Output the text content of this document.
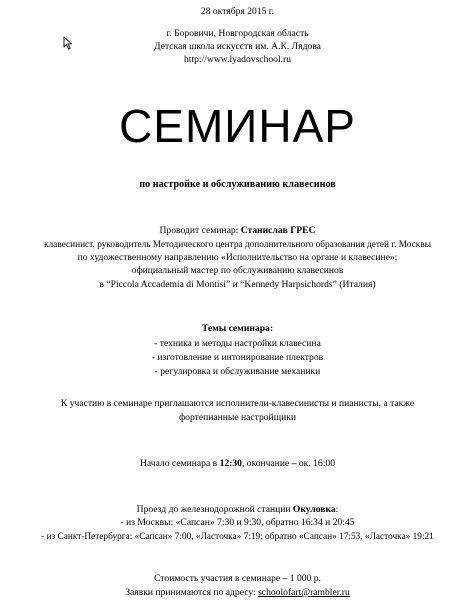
28 октября 2015 г.
г. Боровичи, Новгородская область
Детская школа искусств им. А.К. Лядова
http://www.lyadovschool.ru
СЕМИНАР
по настройке и обслуживанию клавесинов
Проводит семинар: Станислав ГРЕС
клавесинист, руководитель Методического центра дополнительного образования детей г. Москвы
по художественному направлению «Исполнительство на органе и клавесине»;
официальный мастер по обслуживанию клавесинов
в “Piccola Accademia di Montisi” и “Kennedy Harpsichords” (Италия)
Темы семинара:
- техника и методы настройки клавесина
- изготовление и интонирование плектров
- регулировка и обслуживание механики
К участию в семинаре приглашаются исполнители-клавесинисты и пианисты, а также
фортепианные настройщики
Начало семинара в 12:30, окончание – ок. 16:00
Проезд до железнодорожной станции Окуловка:
- из Москвы: «Сапсан» 7:30 и 9:30, обратно 16:34 и 20:45
- из Санкт-Петербурга: «Сапсан» 7:00, «Ласточка» 7:19; обратно «Сапсан» 17:53, «Ласточка» 19:21
Стоимость участия в семинаре – 1 000 р.
Заявки принимаются по адресу: schoolofart@rambler.ru
